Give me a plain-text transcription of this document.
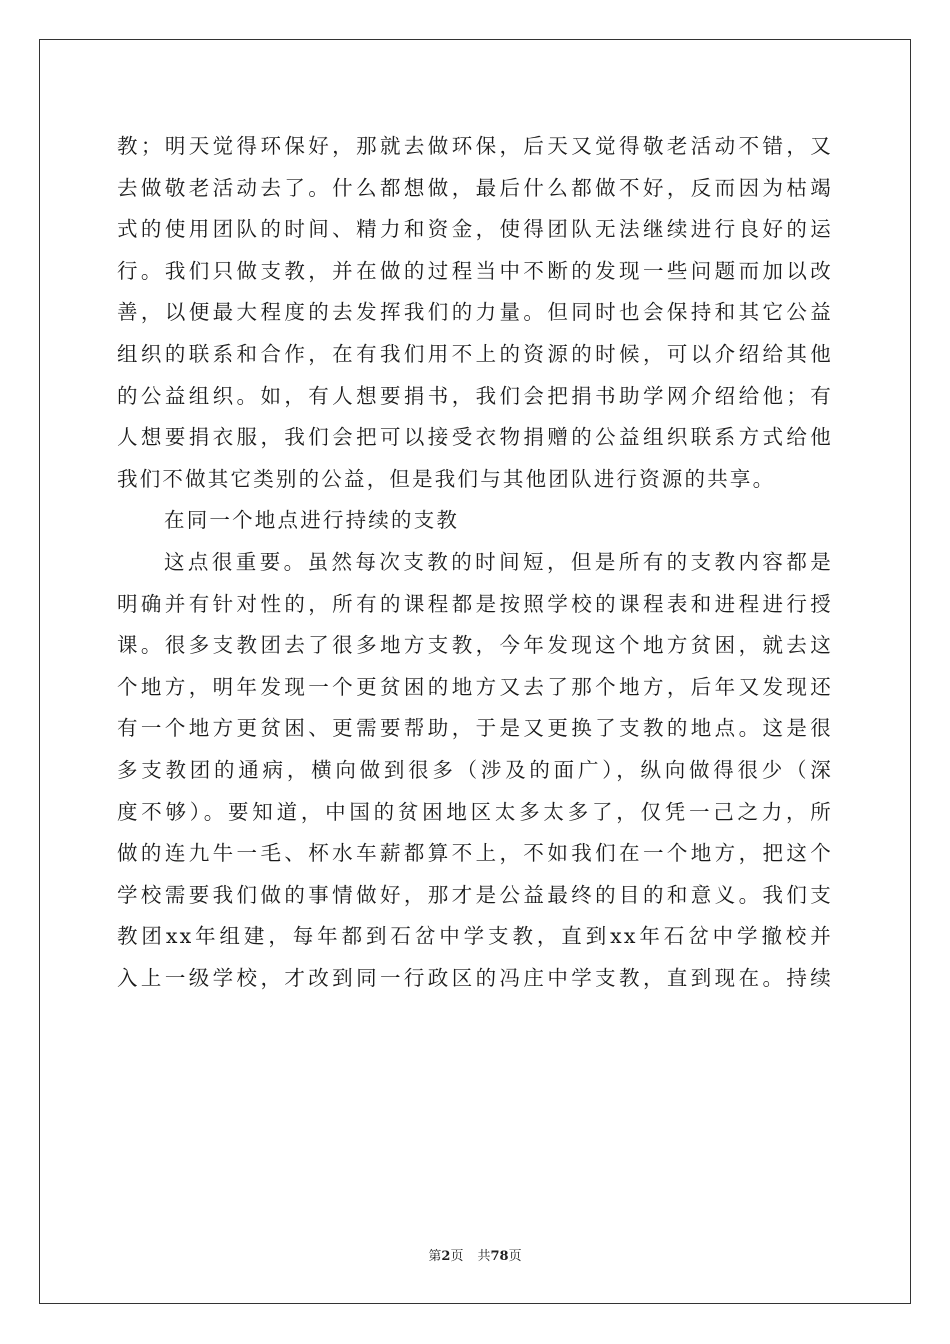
教；明天觉得环保好，那就去做环保，后天又觉得敬老活动不错，又
去做敬老活动去了。什么都想做，最后什么都做不好，反而因为枯竭
式的使用团队的时间、精力和资金，使得团队无法继续进行良好的运
行。我们只做支教，并在做的过程当中不断的发现一些问题而加以改
善，以便最大程度的去发挥我们的力量。但同时也会保持和其它公益
组织的联系和合作，在有我们用不上的资源的时候，可以介绍给其他
的公益组织。如，有人想要捐书，我们会把捐书助学网介绍给他；有
人想要捐衣服，我们会把可以接受衣物捐赠的公益组织联系方式给他
我们不做其它类别的公益，但是我们与其他团队进行资源的共享。
在同一个地点进行持续的支教
这点很重要。虽然每次支教的时间短，但是所有的支教内容都是
明确并有针对性的，所有的课程都是按照学校的课程表和进程进行授
课。很多支教团去了很多地方支教，今年发现这个地方贫困，就去这
个地方，明年发现一个更贫困的地方又去了那个地方，后年又发现还
有一个地方更贫困、更需要帮助，于是又更换了支教的地点。这是很
多支教团的通病，横向做到很多（涉及的面广），纵向做得很少（深
度不够）。要知道，中国的贫困地区太多太多了，仅凭一己之力，所
做的连九牛一毛、杯水车薪都算不上，不如我们在一个地方，把这个
学校需要我们做的事情做好，那才是公益最终的目的和意义。我们支
教团xx年组建，每年都到石岔中学支教，直到xx年石岔中学撤校并
入上一级学校，才改到同一行政区的冯庄中学支教，直到现在。持续
第2页 共78页
